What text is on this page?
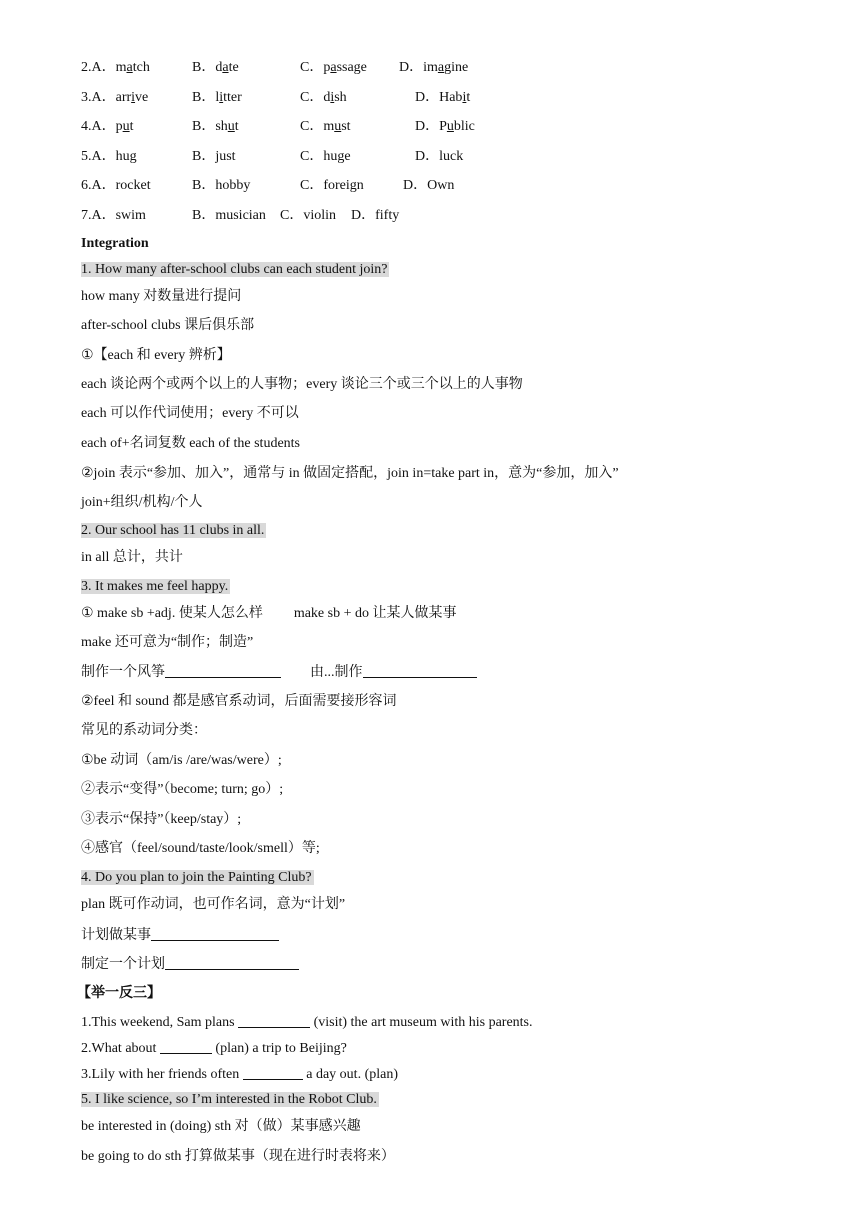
2.A．match	B．date	C．passage D．imagine
3.A．arrive	B．litter	C．dish	D．Habit
4.A．put	B．shut	C．must	D．Public
5.A．hug	B．just	C．huge	D．luck
6.A．rocket	B．hobby	C．foreign	D．Own
7.A．swim	B．musician C．violin D．fifty
Integration
1. How many after-school clubs can each student join?
how many 对数量进行提问
after-school clubs 课后俱乐部
①【each 和 every 辨析】
each 谈论两个或两个以上的人事物；every 谈论三个或三个以上的人事物
each 可以作代词使用；every 不可以
each of+名词复数 each of the students
②join 表示“参加、加入”，通常与 in 做固定搭配，join in=take part in，意为“参加，加入”
join+组织/机构/个人
2. Our school has 11 clubs in all.
in all 总计，共计
3. It makes me feel happy.
① make sb +adj. 使某人怎么样 make sb + do 让某人做某事
make 还可意为“制作；制造”
制作一个风筝	由...制作
②feel 和 sound 都是感官系动词，后面需要接形容词
常见的系动词分类：
①be 动词（am/is /are/was/were）;
②表示“变得”（become; turn; go）;
③表示“保持”（keep/stay）;
④感官（feel/sound/taste/look/smell）等;
4. Do you plan to join the Painting Club?
plan 既可作动词，也可作名词，意为“计划”
计划做某事
制定一个计划
【举一反三】
1.This weekend, Sam plans	(visit) the art museum with his parents.
2.What about	(plan) a trip to Beijing?
3.Lily with her friends often	a day out. (plan)
5. I like science, so I’m interested in the Robot Club.
be interested in (doing) sth 对（做）某事感兴趣
be going to do sth 打算做某事（现在进行时表将来）
